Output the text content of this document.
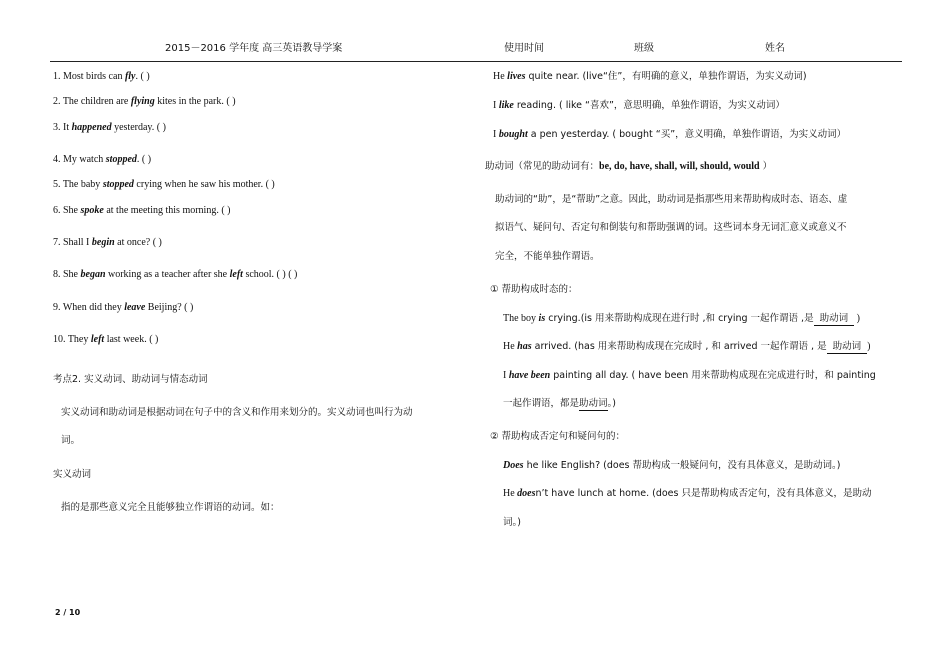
2015－2016 学年度 高三英语教导学案	使用时间	班级	姓名
1. Most birds can fly. ( )
2. The children are flying kites in the park. ( )
3. It happened yesterday. ( )
4. My watch stopped. ( )
5. The baby stopped crying when he saw his mother. ( )
6. She spoke at the meeting this morning. ( )
7. Shall I begin at once? ( )
8. She began working as a teacher after she left school. ( ) ( )
9. When did they leave Beijing? ( )
10. They left last week. ( )
考点2. 实义动词、助动词与情态动词
实义动词和助动词是根据动词在句子中的含义和作用来划分的。实义动词也叫行为动
词。
实义动词
指的是那些意义完全且能够独立作谓语的动词。如：
He lives quite near. (live“住”，有明确的意义，单独作谓语，为实义动词)
I like reading. ( like “喜欢”，意思明确，单独作谓语，为实义动词）
I bought a pen yesterday. ( bought “买”，意义明确，单独作谓语，为实义动词）
助动词（常见的助动词有：be, do, have, shall, will, should, would ）
助动词的“助”，是“帮助”之意。因此，助动词是指那些用来帮助构成时态、语态、虚
拟语气、疑问句、否定句和倒装句和帮助强调的词。这些词本身无词汇意义或意义不
完全，不能单独作谓语。
① 帮助构成时态的：
The boy is crying.(is 用来帮助构成现在进行时 ,和 crying 一起作谓语 ,是 助动词 )
He has arrived. (has 用来帮助构成现在完成时 , 和 arrived 一起作谓语 , 是 助动词 )
I have been painting all day. ( have been 用来帮助构成现在完成进行时，和 painting
一起作谓语，都是助动词。)
② 帮助构成否定句和疑问句的：
Does he like English? (does 帮助构成一般疑问句，没有具体意义，是助动词。)
He doesn’t have lunch at home. (does 只是帮助构成否定句，没有具体意义，是助动
词。)
2 / 10
